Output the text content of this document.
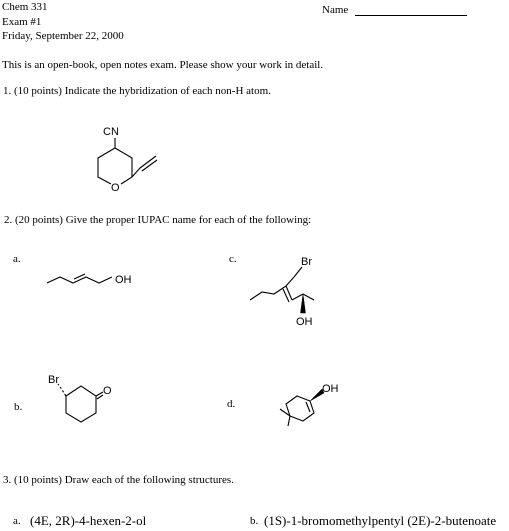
Chem 331
Exam #1
Friday, September 22, 2000
Name
This is an open-book, open notes exam. Please show your work in detail.
1. (10 points) Indicate the hybridization of each non-H atom.
CN
O
2. (20 points) Give the proper IUPAC name for each of the following:
a.
OH
b.
Br
O
c.	Br
OH
d.
OH
3. (10 points) Draw each of the following structures.
a. (4E, 2R)-4-hexen-2-ol	b. (1S)-1-bromomethylpentyl (2E)-2-butenoate
